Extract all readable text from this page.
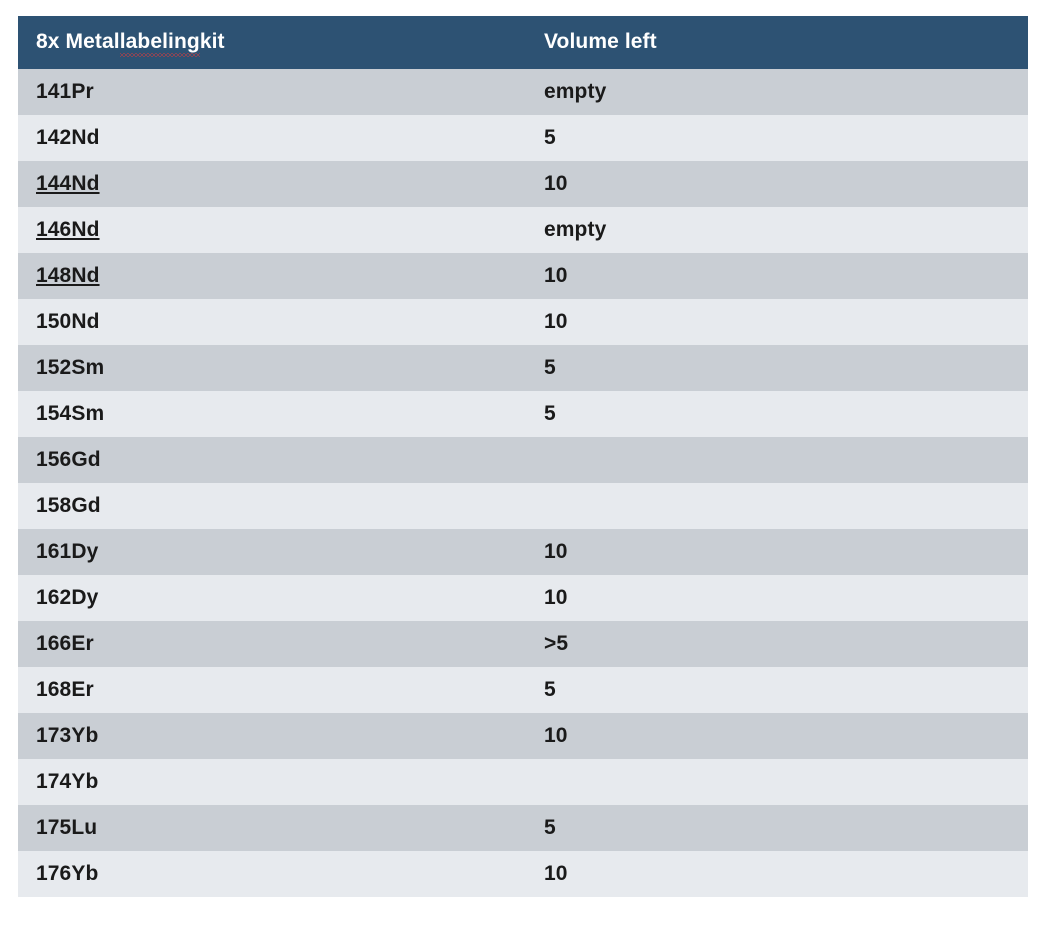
8x Metallabelingkit	Volume left
141Pr	empty
142Nd	5
144Nd	10
146Nd	empty
148Nd	10
150Nd	10
152Sm	5
154Sm	5
156Gd	
158Gd	
161Dy	10
162Dy	10
166Er	>5
168Er	5
173Yb	10
174Yb	
175Lu	5
176Yb	10
